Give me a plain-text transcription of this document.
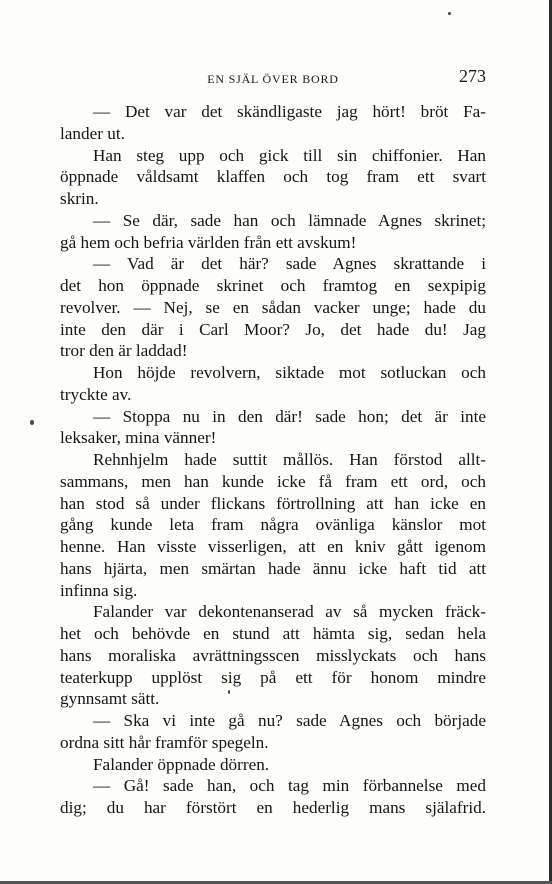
EN SJÄL ÖVER BORD	273
— Det var det skändligaste jag hört! bröt Fa-
lander ut.
Han steg upp och gick till sin chiffonier. Han
öppnade våldsamt klaffen och tog fram ett svart
skrin.
— Se där, sade han och lämnade Agnes skrinet;
gå hem och befria världen från ett avskum!
— Vad är det här? sade Agnes skrattande i
det hon öppnade skrinet och framtog en sexpipig
revolver. — Nej, se en sådan vacker unge; hade du
inte den där i Carl Moor? Jo, det hade du! Jag
tror den är laddad!
Hon höjde revolvern, siktade mot sotluckan och
tryckte av.
— Stoppa nu in den där! sade hon; det är inte
leksaker, mina vänner!
Rehnhjelm hade suttit mållös. Han förstod allt-
sammans, men han kunde icke få fram ett ord, och
han stod så under flickans förtrollning att han icke en
gång kunde leta fram några ovänliga känslor mot
henne. Han visste visserligen, att en kniv gått igenom
hans hjärta, men smärtan hade ännu icke haft tid att
infinna sig.
Falander var dekontenanserad av så mycken fräck-
het och behövde en stund att hämta sig, sedan hela
hans moraliska avrättningsscen misslyckats och hans
teaterkupp upplöst sig på ett för honom mindre
gynnsamt sätt.
— Ska vi inte gå nu? sade Agnes och började
ordna sitt hår framför spegeln.
Falander öppnade dörren.
— Gå! sade han, och tag min förbannelse med
dig; du har förstört en hederlig mans själafrid.
